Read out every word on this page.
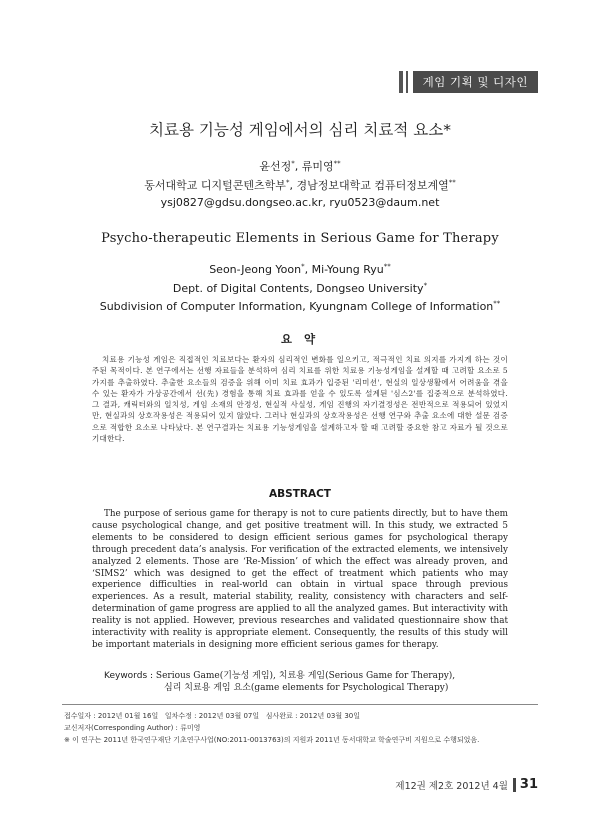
게임 기획 및 디자인
치료용 기능성 게임에서의 심리 치료적 요소*
윤선정*, 류미영**
동서대학교 디지털콘텐츠학부*, 경남정보대학교 컴퓨터정보계열**
ysj0827@gdsu.dongseo.ac.kr, ryu0523@daum.net
Psycho-therapeutic Elements in Serious Game for Therapy
Seon-Jeong Yoon*, Mi-Young Ryu**
Dept. of Digital Contents, Dongseo University*
Subdivision of Computer Information, Kyungnam College of Information**
요 약

치료용 기능성 게임은 직접적인 치료보다는 환자의 심리적인 변화를 일으키고, 적극적인 치료 의지를 가지게 하는 것이 주된 목적이다. 본 연구에서는 선행 자료들을 분석하여 심리 치료를 위한 치료용 기능성게임을 설계할 때 고려할 요소로 5가지를 추출하였다. 추출한 요소들의 검증을 위해 이미 치료 효과가 입증된 '리미션', 현실의 일상생활에서 어려움을 겪을 수 있는 환자가 가상공간에서 선(先) 경험을 통해 치료 효과를 얻을 수 있도록 설계된 '심스2'를 집중적으로 분석하였다. 그 결과, 캐릭터와의 일치성, 게임 소재의 안정성, 현실적 사실성, 게임 진행의 자기결정성은 전반적으로 적용되어 있었지만, 현실과의 상호작용성은 적용되어 있지 않았다. 그러나 현실과의 상호작용성은 선행 연구와 추출 요소에 대한 설문 검증으로 적합한 요소로 나타났다. 본 연구결과는 치료용 기능성게임을 설계하고자 할 때 고려할 중요한 참고 자료가 될 것으로 기대한다.

ABSTRACT

The purpose of serious game for therapy is not to cure patients directly, but to have them cause psychological change, and get positive treatment will. In this study, we extracted 5 elements to be considered to design efficient serious games for psychological therapy through precedent data’s analysis. For verification of the extracted elements, we intensively analyzed 2 elements. Those are ‘Re-Mission’ of which the effect was already proven, and ‘SIMS2’ which was designed to get the effect of treatment which patients who may experience difficulties in real-world can obtain in virtual space through previous experiences. As a result, material stability, reality, consistency with characters and self-determination of game progress are applied to all the analyzed games. But interactivity with reality is not applied. However, previous researches and validated questionnaire show that interactivity with reality is appropriate element. Consequently, the results of this study will be important materials in designing more efficient serious games for therapy.

Keywords : Serious Game(기능성 게임), 치료용 게임(Serious Game for Therapy),
심리 치료용 게임 요소(game elements for Psychological Therapy)
접수일자 : 2012년 01월 16일   일차수정 : 2012년 03월 07일   심사완료 : 2012년 03월 30일
교신저자(Corresponding Author) : 류미영
※ 이 연구는 2011년 한국연구재단 기초연구사업(NO:2011-0013763)의 지원과 2011년 동서대학교 학술연구비 지원으로 수행되었음.
제12권 제2호 2012년 4월 31
